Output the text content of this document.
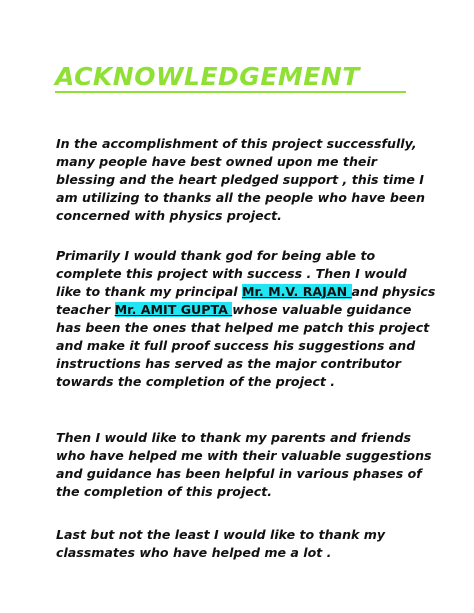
ACKNOWLEDGEMENT

In the accomplishment of this project successfully, many people have best owned upon me their blessing and the heart pledged support , this time I am utilizing to thanks all the people who have been concerned with physics project.

Primarily I would thank god for being able to complete this project with success . Then I would like to thank my principal Mr. M.V. RAJAN and physics teacher Mr. AMIT GUPTA whose valuable guidance has been the ones that helped me patch this project and make it full proof success his suggestions and instructions has served as the major contributor towards the completion of the project .

Then I would like to thank my parents and friends who have helped me with their valuable suggestions and guidance has been helpful in various phases of the completion of this project.

Last but not the least I would like to thank my classmates who have helped me a lot .
